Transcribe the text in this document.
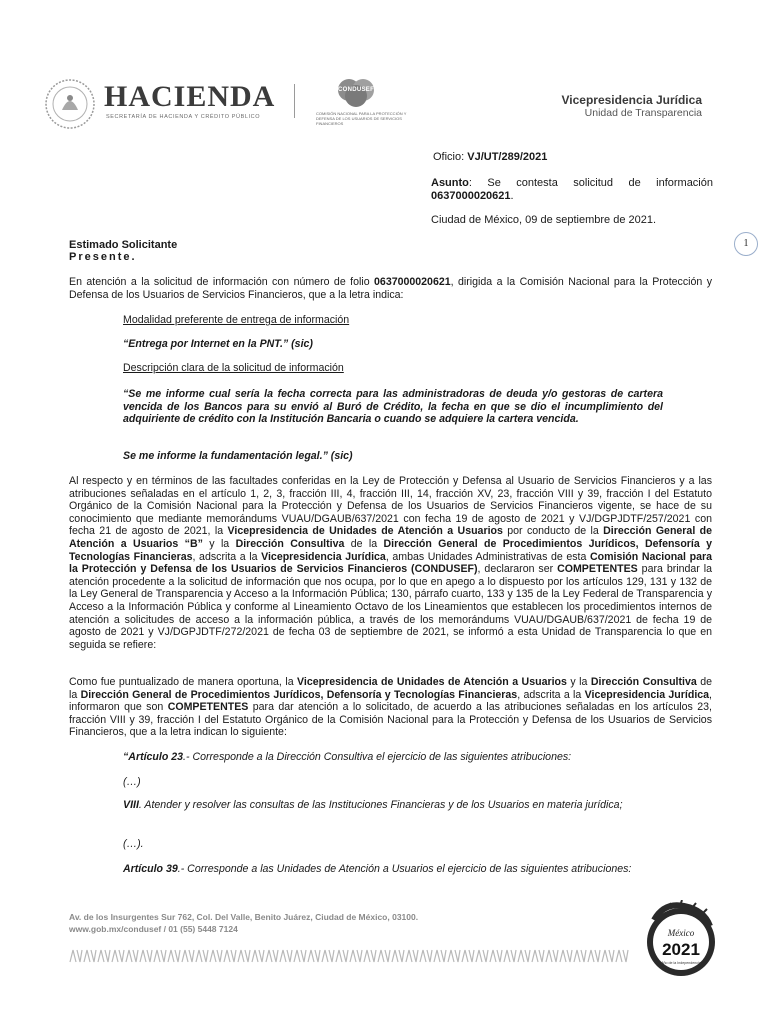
HACIENDA
SECRETARÍA DE HACIENDA Y CRÉDITO PÚBLICO
CONDUSEF
COMISIÓN NACIONAL PARA LA PROTECCIÓN Y DEFENSA DE LOS USUARIOS DE SERVICIOS FINANCIEROS
Vicepresidencia Jurídica
Unidad de Transparencia
Oficio: VJ/UT/289/2021
Asunto: Se contesta solicitud de información 0637000020621.
Ciudad de México, 09 de septiembre de 2021.
1
Estimado Solicitante
Presente.
En atención a la solicitud de información con número de folio 0637000020621, dirigida a la Comisión Nacional para la Protección y Defensa de los Usuarios de Servicios Financieros, que a la letra indica:
Modalidad preferente de entrega de información
“Entrega por Internet en la PNT.” (sic)
Descripción clara de la solicitud de información
“Se me informe cual sería la fecha correcta para las administradoras de deuda y/o gestoras de cartera vencida de los Bancos para su envió al Buró de Crédito, la fecha en que se dio el incumplimiento del adquiriente de crédito con la Institución Bancaria o cuando se adquiere la cartera vencida.
Se me informe la fundamentación legal.” (sic)
Al respecto y en términos de las facultades conferidas en la Ley de Protección y Defensa al Usuario de Servicios Financieros y a las atribuciones señaladas en el artículo 1, 2, 3, fracción III, 4, fracción III, 14, fracción XV, 23, fracción VIII y 39, fracción I del Estatuto Orgánico de la Comisión Nacional para la Protección y Defensa de los Usuarios de Servicios Financieros vigente, se hace de su conocimiento que mediante memorándums VUAU/DGAUB/637/2021 con fecha 19 de agosto de 2021 y VJ/DGPJDTF/257/2021 con fecha 21 de agosto de 2021, la Vicepresidencia de Unidades de Atención a Usuarios por conducto de la Dirección General de Atención a Usuarios “B” y la Dirección Consultiva de la Dirección General de Procedimientos Jurídicos, Defensoría y Tecnologías Financieras, adscrita a la Vicepresidencia Jurídica, ambas Unidades Administrativas de esta Comisión Nacional para la Protección y Defensa de los Usuarios de Servicios Financieros (CONDUSEF), declararon ser COMPETENTES para brindar la atención procedente a la solicitud de información que nos ocupa, por lo que en apego a lo dispuesto por los artículos 129, 131 y 132 de la Ley General de Transparencia y Acceso a la Información Pública; 130, párrafo cuarto, 133 y 135 de la Ley Federal de Transparencia y Acceso a la Información Pública y conforme al Lineamiento Octavo de los Lineamientos que establecen los procedimientos internos de atención a solicitudes de acceso a la información pública, a través de los memorándums VUAU/DGAUB/637/2021 de fecha 19 de agosto de 2021 y VJ/DGPJDTF/272/2021 de fecha 03 de septiembre de 2021, se informó a esta Unidad de Transparencia lo que en seguida se refiere:
Como fue puntualizado de manera oportuna, la Vicepresidencia de Unidades de Atención a Usuarios y la Dirección Consultiva de la Dirección General de Procedimientos Jurídicos, Defensoría y Tecnologías Financieras, adscrita a la Vicepresidencia Jurídica, informaron que son COMPETENTES para dar atención a lo solicitado, de acuerdo a las atribuciones señaladas en los artículos 23, fracción VIII y 39, fracción I del Estatuto Orgánico de la Comisión Nacional para la Protección y Defensa de los Usuarios de Servicios Financieros, que a la letra indican lo siguiente:
“Artículo 23.- Corresponde a la Dirección Consultiva el ejercicio de las siguientes atribuciones:
(…)
VIII. Atender y resolver las consultas de las Instituciones Financieras y de los Usuarios en materia jurídica;
(…).
Artículo 39.- Corresponde a las Unidades de Atención a Usuarios el ejercicio de las siguientes atribuciones:
Av. de los Insurgentes Sur 762, Col. Del Valle, Benito Juárez, Ciudad de México, 03100.
www.gob.mx/condusef / 01 (55) 5448 7124	México
2021
Año de la Independencia
